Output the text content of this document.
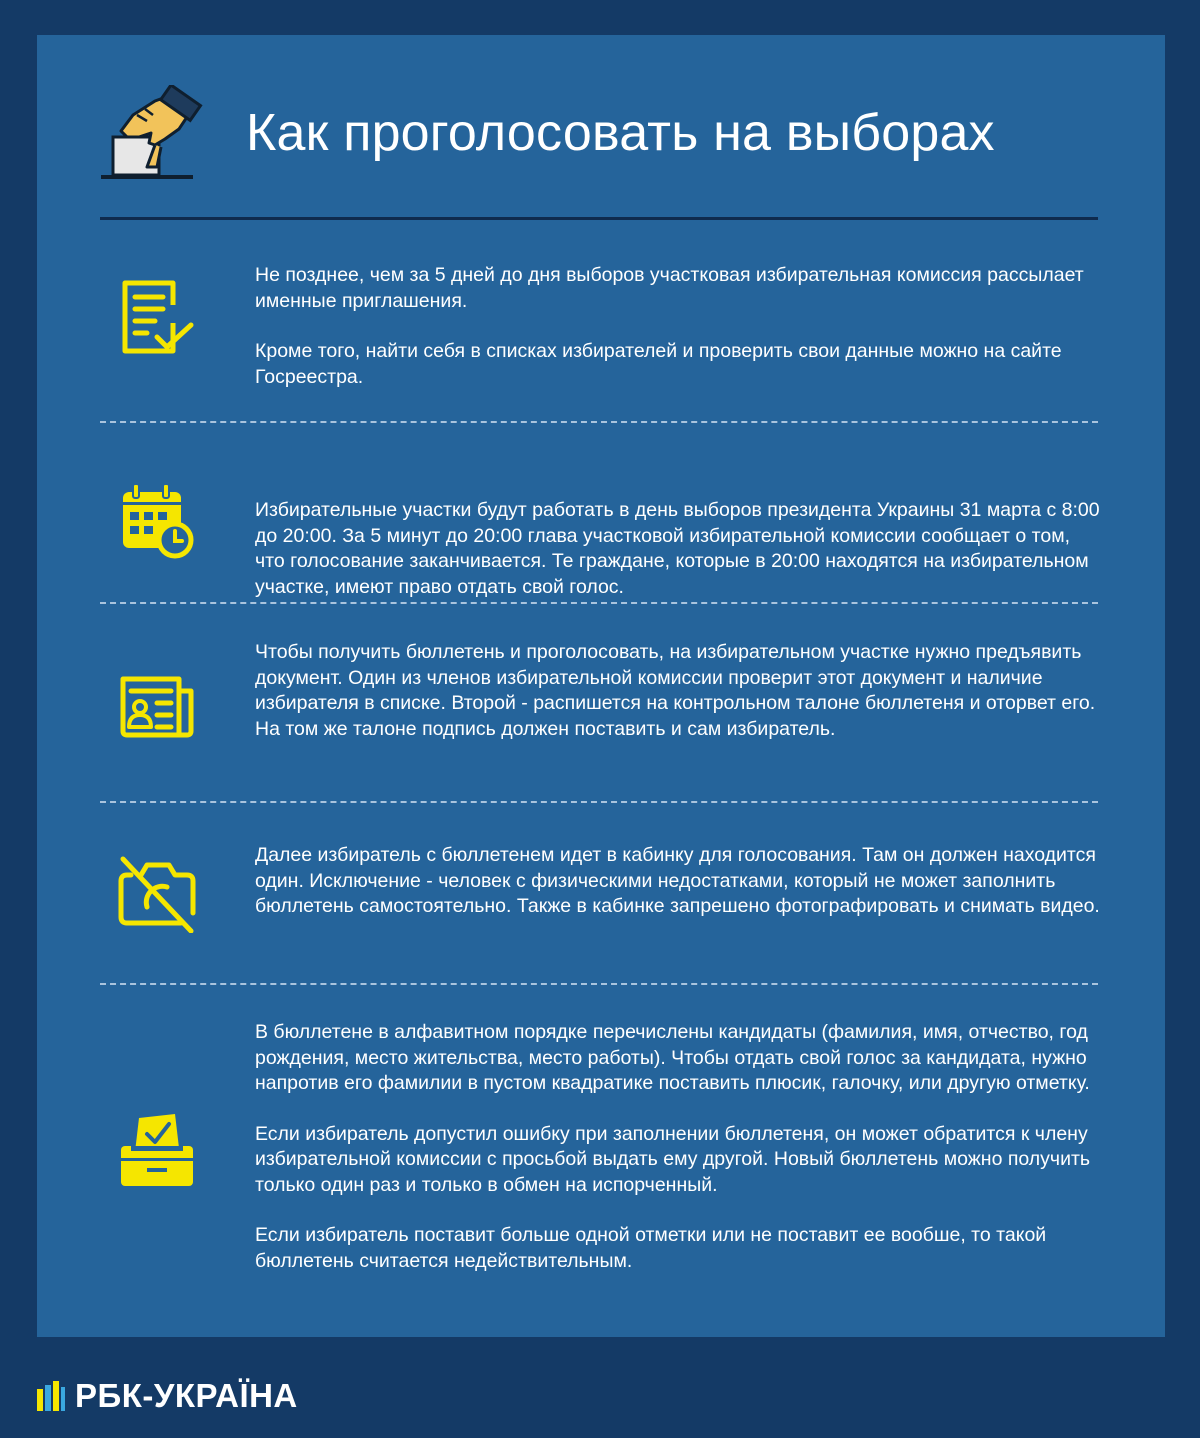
Как проголосовать на выборах

Не позднее, чем за 5 дней до дня выборов участковая избирательная комиссия рассылает именные приглашения.

Кроме того, найти себя в списках избирателей и проверить свои данные можно на сайте Госреестра.

Избирательные участки будут работать в день выборов президента Украины 31 марта с 8:00 до 20:00. За 5 минут до 20:00 глава участковой избирательной комиссии сообщает о том, что голосование заканчивается. Те граждане, которые в 20:00 находятся на избирательном участке, имеют право отдать свой голос.

Чтобы получить бюллетень и проголосовать, на избирательном участке нужно предъявить документ. Один из членов избирательной комиссии проверит этот документ и наличие избирателя в списке. Второй - распишется на контрольном талоне бюллетеня и оторвет его. На том же талоне подпись должен поставить и сам избиратель.

Далее избиратель с бюллетенем идет в кабинку для голосования. Там он должен находится один. Исключение - человек с физическими недостатками, который не может заполнить бюллетень самостоятельно. Также в кабинке запрешено фотографировать и снимать видео.

В бюллетене в алфавитном порядке перечислены кандидаты (фамилия, имя, отчество, год рождения, место жительства, место работы). Чтобы отдать свой голос за кандидата, нужно напротив его фамилии в пустом квадратике поставить плюсик, галочку, или другую отметку.

Если избиратель допустил ошибку при заполнении бюллетеня, он может обратится к члену избирательной комиссии с просьбой выдать ему другой. Новый бюллетень можно получить только один раз и только в обмен на испорченный.

Если избиратель поставит больше одной отметки или не поставит ее вообше, то такой бюллетень считается недействительным.

РБК-УКРАЇНА
